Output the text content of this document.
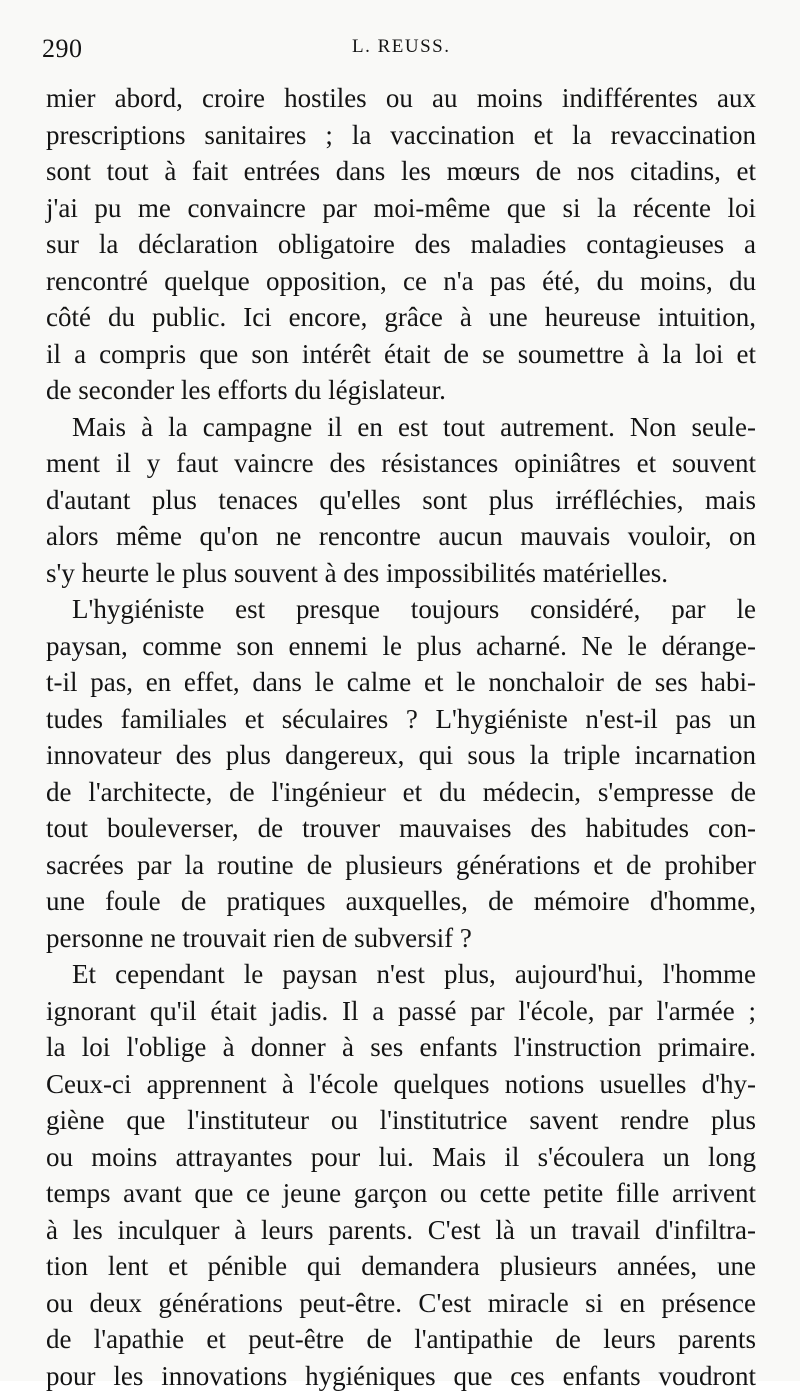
290	L. REUSS.
mier abord, croire hostiles ou au moins indifférentes aux
prescriptions sanitaires ; la vaccination et la revaccination
sont tout à fait entrées dans les mœurs de nos citadins, et
j'ai pu me convaincre par moi-même que si la récente loi
sur la déclaration obligatoire des maladies contagieuses a
rencontré quelque opposition, ce n'a pas été, du moins, du
côté du public. Ici encore, grâce à une heureuse intuition,
il a compris que son intérêt était de se soumettre à la loi et
de seconder les efforts du législateur.
Mais à la campagne il en est tout autrement. Non seule-
ment il y faut vaincre des résistances opiniâtres et souvent
d'autant plus tenaces qu'elles sont plus irréfléchies, mais
alors même qu'on ne rencontre aucun mauvais vouloir, on
s'y heurte le plus souvent à des impossibilités matérielles.
L'hygiéniste est presque toujours considéré, par le
paysan, comme son ennemi le plus acharné. Ne le dérange-
t-il pas, en effet, dans le calme et le nonchaloir de ses habi-
tudes familiales et séculaires ? L'hygiéniste n'est-il pas un
innovateur des plus dangereux, qui sous la triple incarnation
de l'architecte, de l'ingénieur et du médecin, s'empresse de
tout bouleverser, de trouver mauvaises des habitudes con-
sacrées par la routine de plusieurs générations et de prohiber
une foule de pratiques auxquelles, de mémoire d'homme,
personne ne trouvait rien de subversif ?
Et cependant le paysan n'est plus, aujourd'hui, l'homme
ignorant qu'il était jadis. Il a passé par l'école, par l'armée ;
la loi l'oblige à donner à ses enfants l'instruction primaire.
Ceux-ci apprennent à l'école quelques notions usuelles d'hy-
giène que l'instituteur ou l'institutrice savent rendre plus
ou moins attrayantes pour lui. Mais il s'écoulera un long
temps avant que ce jeune garçon ou cette petite fille arrivent
à les inculquer à leurs parents. C'est là un travail d'infiltra-
tion lent et pénible qui demandera plusieurs années, une
ou deux générations peut-être. C'est miracle si en présence
de l'apathie et peut-être de l'antipathie de leurs parents
pour les innovations hygiéniques que ces enfants voudront
